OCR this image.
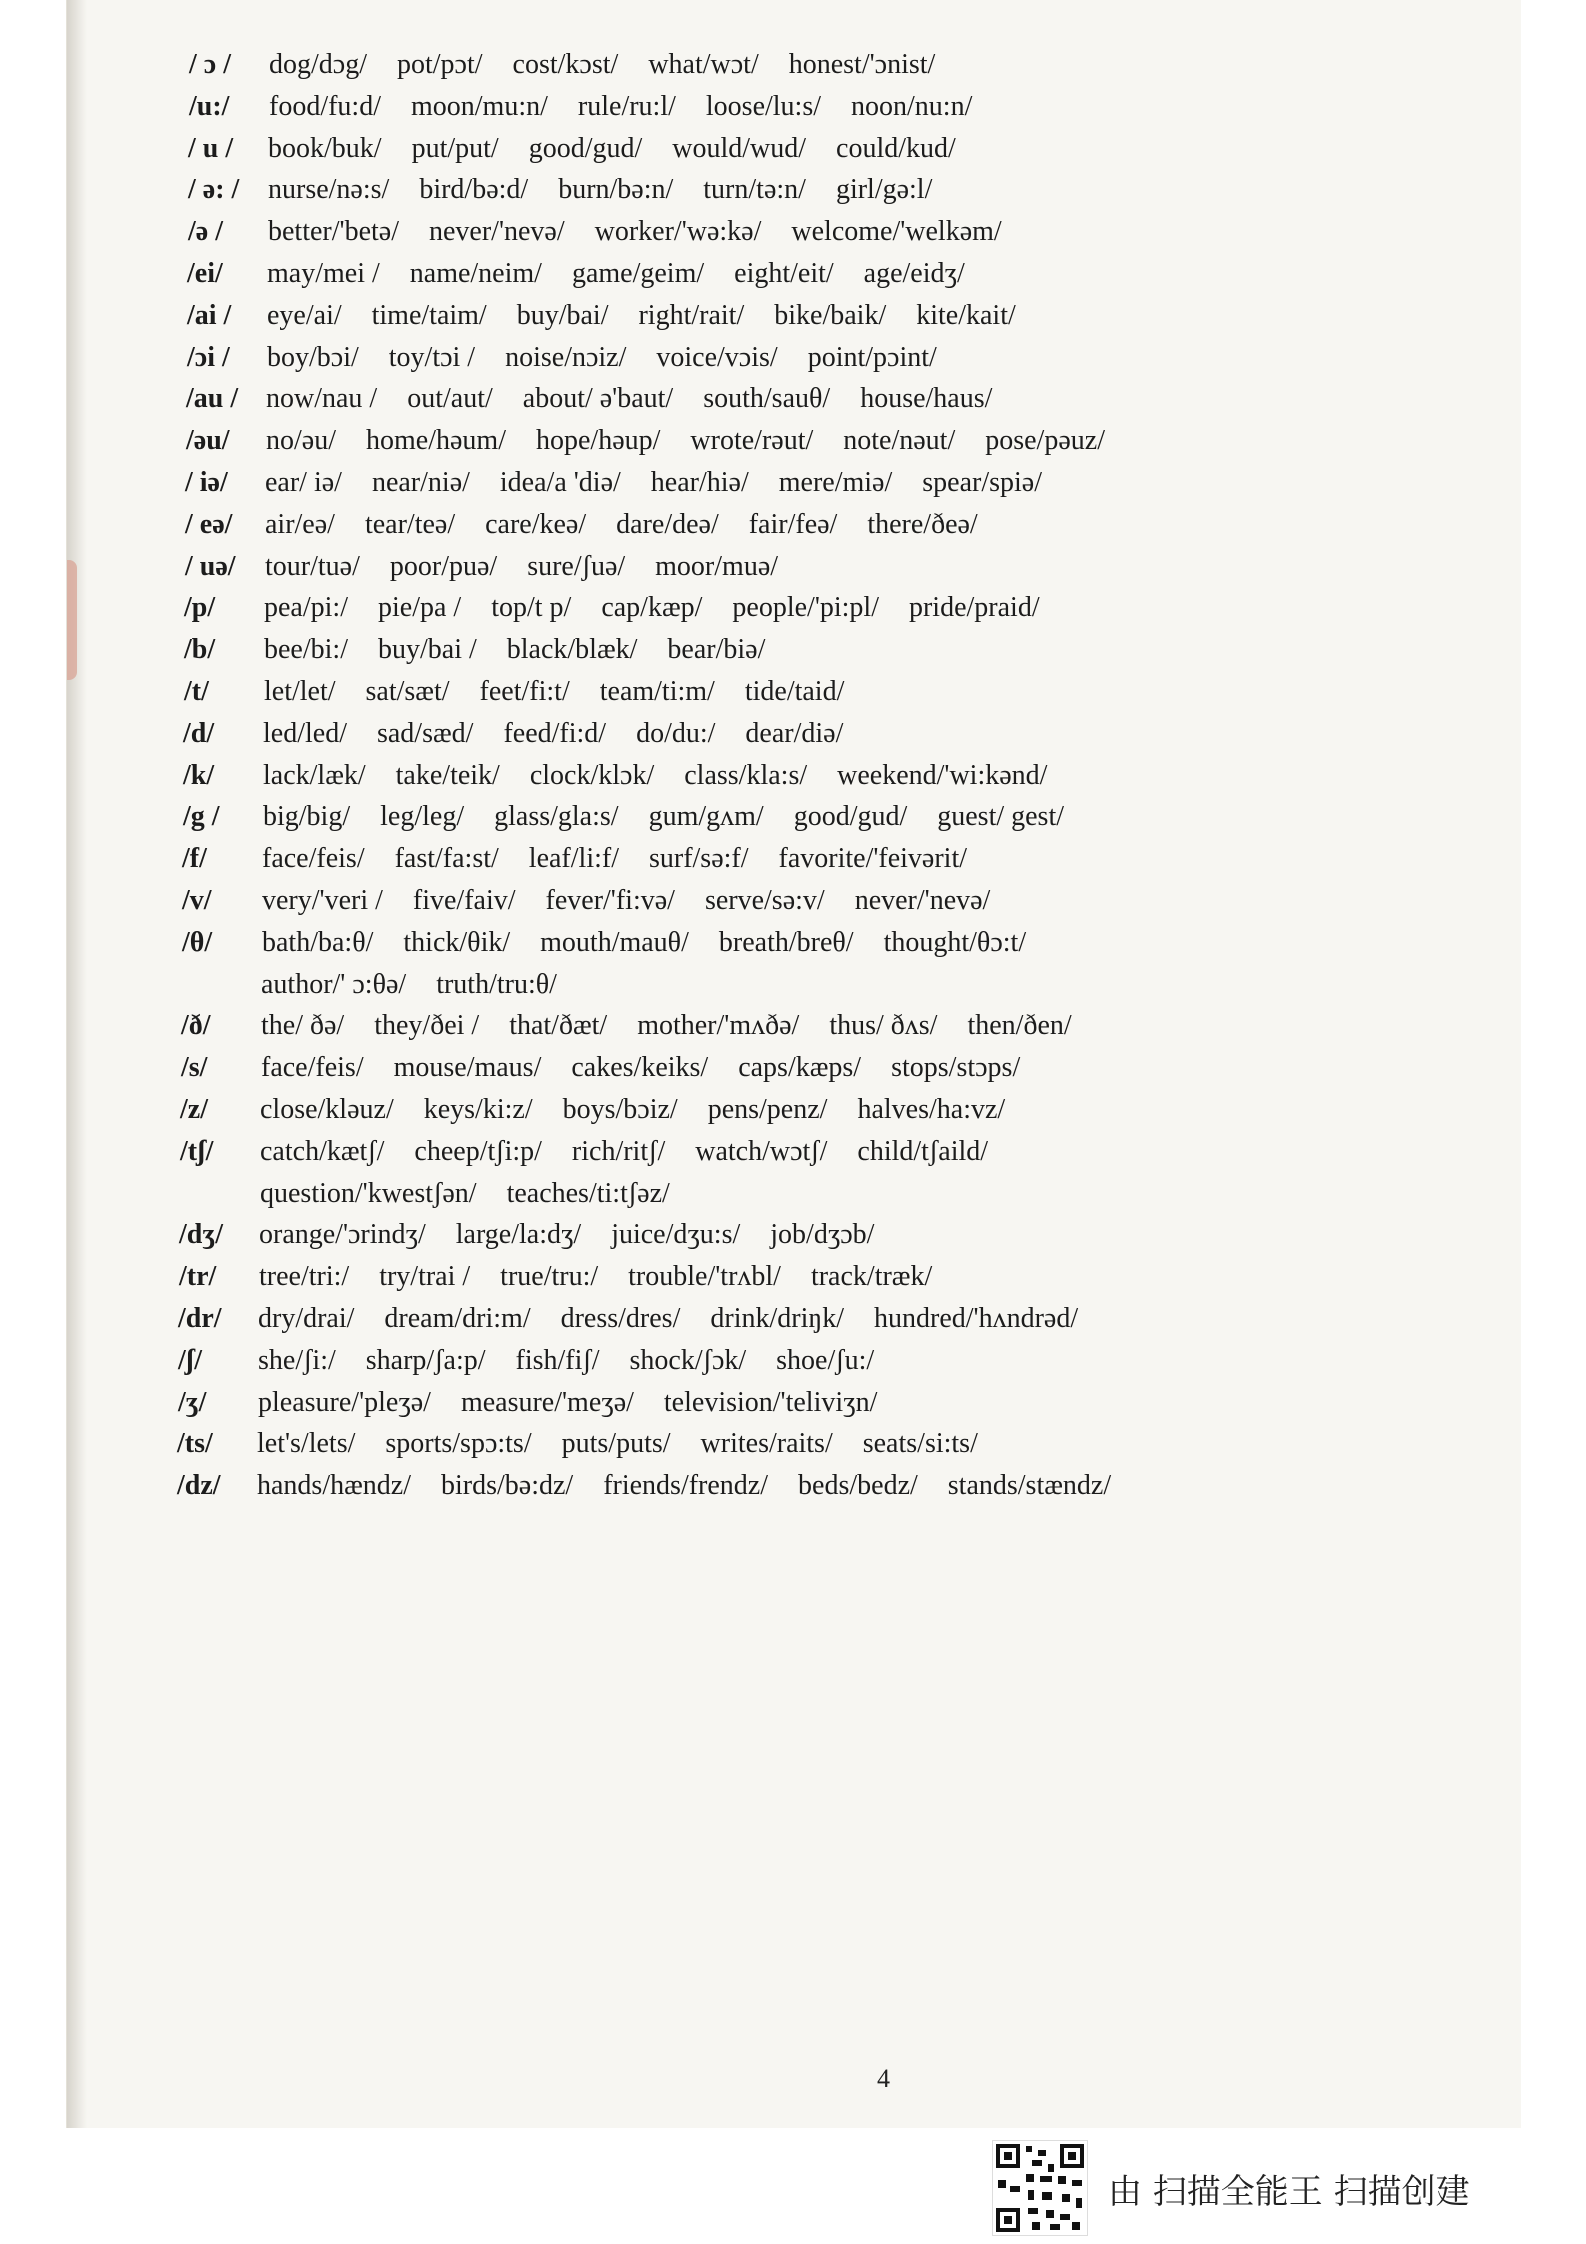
/ ɔ /	dog/dɔg/ pot/pɔt/ cost/kɔst/ what/wɔt/ honest/'ɔnist/
/u:/	food/fu:d/ moon/mu:n/ rule/ru:l/ loose/lu:s/ noon/nu:n/
/ u /	book/buk/ put/put/ good/gud/ would/wud/ could/kud/
/ ə: /	nurse/nə:s/ bird/bə:d/ burn/bə:n/ turn/tə:n/ girl/gə:l/
/ə /	better/'betə/ never/'nevə/ worker/'wə:kə/ welcome/'welkəm/
/ei/	may/mei / name/neim/ game/geim/ eight/eit/ age/eidʒ/
/ai /	eye/ai/ time/taim/ buy/bai/ right/rait/ bike/baik/ kite/kait/
/ɔi /	boy/bɔi/ toy/tɔi / noise/nɔiz/ voice/vɔis/ point/pɔint/
/au / now/nau / out/aut/ about/ ə'baut/ south/sauθ/ house/haus/
/əu/	no/əu/ home/həum/ hope/həup/ wrote/rəut/ note/nəut/ pose/pəuz/
/ iə/	ear/ iə/ near/niə/ idea/a 'diə/ hear/hiə/ mere/miə/ spear/spiə/
/ eə/	air/eə/ tear/teə/ care/keə/ dare/deə/ fair/feə/ there/ðeə/
/ uə/	tour/tuə/ poor/puə/ sure/ʃuə/ moor/muə/
/p/	pea/pi:/ pie/pa / top/t p/ cap/kæp/ people/'pi:pl/ pride/praid/
/b/	bee/bi:/ buy/bai / black/blæk/ bear/biə/
/t/	let/let/ sat/sæt/ feet/fi:t/ team/ti:m/ tide/taid/
/d/	led/led/ sad/sæd/ feed/fi:d/ do/du:/ dear/diə/
/k/	lack/læk/ take/teik/ clock/klɔk/ class/kla:s/ weekend/'wi:kənd/
/g /	big/big/ leg/leg/ glass/gla:s/ gum/gʌm/ good/gud/ guest/ gest/
/f/	face/feis/ fast/fa:st/ leaf/li:f/ surf/sə:f/ favorite/'feivərit/
/v/	very/'veri / five/faiv/ fever/'fi:və/ serve/sə:v/ never/'nevə/
/θ/	bath/ba:θ/ thick/θik/ mouth/mauθ/ breath/breθ/ thought/θɔ:t/
author/' ɔ:θə/ truth/tru:θ/
/ð/	the/ ðə/ they/ðei / that/ðæt/ mother/'mʌðə/ thus/ ðʌs/ then/ðen/
/s/	face/feis/ mouse/maus/ cakes/keiks/ caps/kæps/ stops/stɔps/
/z/	close/kləuz/ keys/ki:z/ boys/bɔiz/ pens/penz/ halves/ha:vz/
/tʃ/	catch/kætʃ/ cheep/tʃi:p/ rich/ritʃ/ watch/wɔtʃ/ child/tʃaild/
question/'kwestʃən/ teaches/ti:tʃəz/
/dʒ/	orange/'ɔrindʒ/ large/la:dʒ/ juice/dʒu:s/ job/dʒɔb/
/tr/	tree/tri:/ try/trai / true/tru:/ trouble/'trʌbl/ track/træk/
/dr/	dry/drai/ dream/dri:m/ dress/dres/ drink/driŋk/ hundred/'hʌndrəd/
/ʃ/	she/ʃi:/ sharp/ʃa:p/ fish/fiʃ/ shock/ʃɔk/ shoe/ʃu:/
/ʒ/	pleasure/'pleʒə/ measure/'meʒə/ television/'teliviʒn/
/ts/	let's/lets/ sports/spɔ:ts/ puts/puts/ writes/raits/ seats/si:ts/
/dz/	hands/hændz/ birds/bə:dz/ friends/frendz/ beds/bedz/ stands/stændz/
4
由 扫描全能王 扫描创建
